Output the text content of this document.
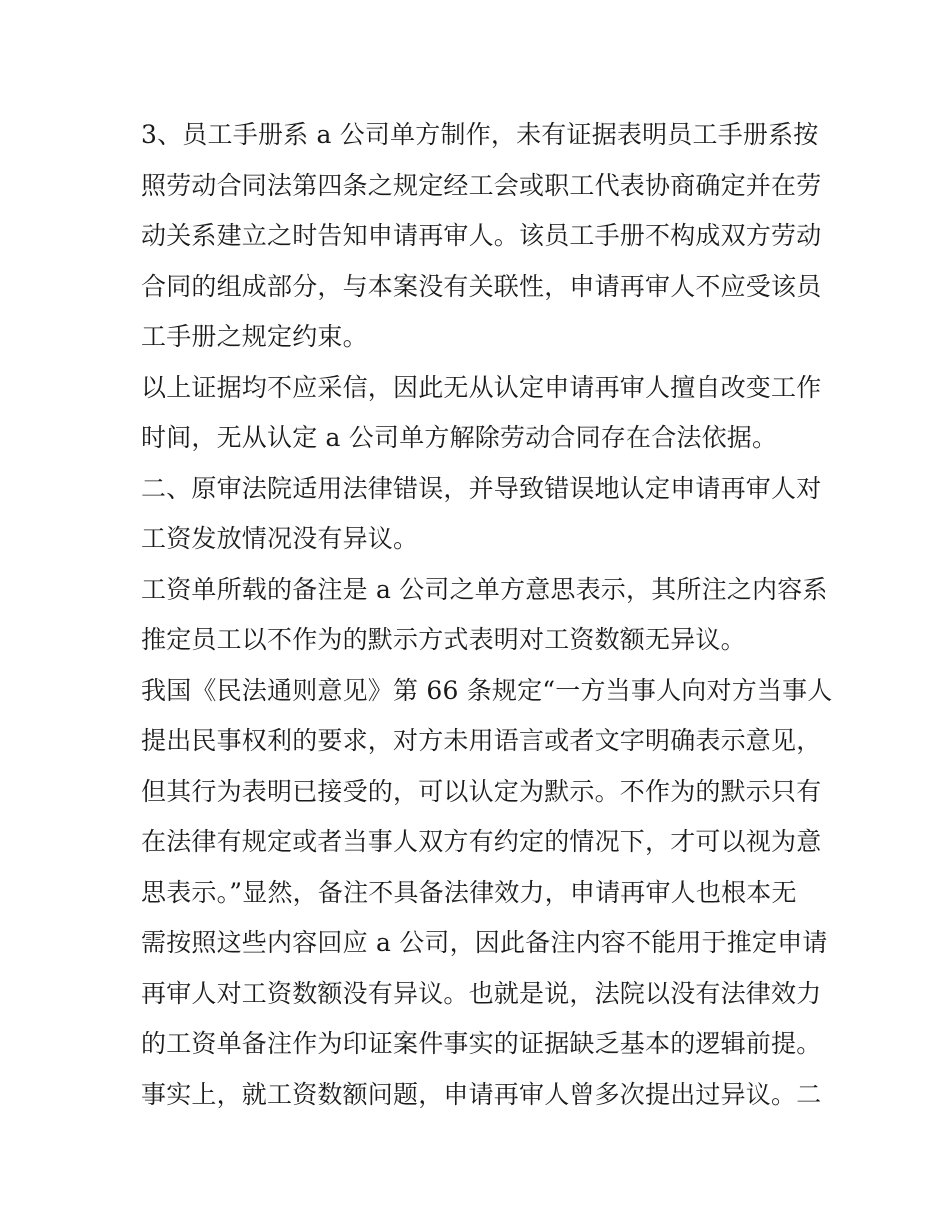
3、员工手册系 a 公司单方制作，未有证据表明员工手册系按
照劳动合同法第四条之规定经工会或职工代表协商确定并在劳
动关系建立之时告知申请再审人。该员工手册不构成双方劳动
合同的组成部分，与本案没有关联性，申请再审人不应受该员
工手册之规定约束。
以上证据均不应采信，因此无从认定申请再审人擅自改变工作
时间，无从认定 a 公司单方解除劳动合同存在合法依据。
二、原审法院适用法律错误，并导致错误地认定申请再审人对
工资发放情况没有异议。
工资单所载的备注是 a 公司之单方意思表示，其所注之内容系
推定员工以不作为的默示方式表明对工资数额无异议。
我国《民法通则意见》第 66 条规定“一方当事人向对方当事人
提出民事权利的要求，对方未用语言或者文字明确表示意见，
但其行为表明已接受的，可以认定为默示。不作为的默示只有
在法律有规定或者当事人双方有约定的情况下，才可以视为意
思表示。”显然，备注不具备法律效力，申请再审人也根本无
需按照这些内容回应 a 公司，因此备注内容不能用于推定申请
再审人对工资数额没有异议。也就是说，法院以没有法律效力
的工资单备注作为印证案件事实的证据缺乏基本的逻辑前提。
事实上，就工资数额问题，申请再审人曾多次提出过异议。二
